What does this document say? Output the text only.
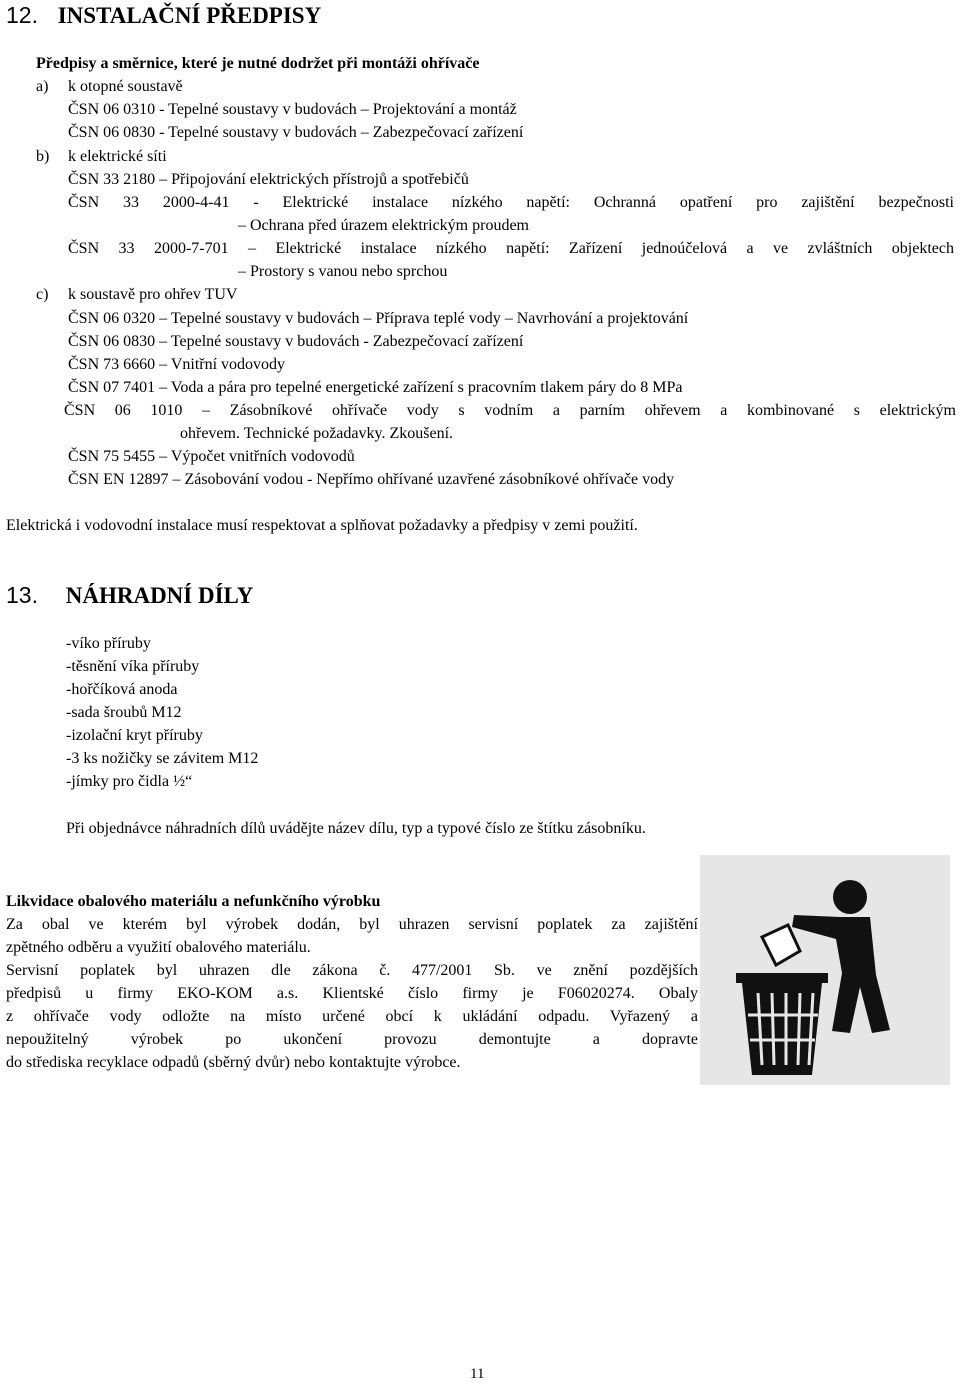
12. INSTALAČNÍ PŘEDPISY
Předpisy a směrnice, které je nutné dodržet při montáži ohřívače
a) k otopné soustavě
ČSN 06 0310 - Tepelné soustavy v budovách – Projektování a montáž
ČSN 06 0830 - Tepelné soustavy v budovách – Zabezpečovací zařízení
b) k elektrické síti
ČSN 33 2180 – Připojování elektrických přístrojů a spotřebičů
ČSN 33 2000-4-41 - Elektrické instalace nízkého napětí: Ochranná opatření pro zajištění bezpečnosti
– Ochrana před úrazem elektrickým proudem
ČSN 33 2000-7-701 – Elektrické instalace nízkého napětí: Zařízení jednoúčelová a ve zvláštních objektech
– Prostory s vanou nebo sprchou
c) k soustavě pro ohřev TUV
ČSN 06 0320 – Tepelné soustavy v budovách – Příprava teplé vody – Navrhování a projektování
ČSN 06 0830 – Tepelné soustavy v budovách - Zabezpečovací zařízení
ČSN 73 6660 – Vnitřní vodovody
ČSN 07 7401 – Voda a pára pro tepelné energetické zařízení s pracovním tlakem páry do 8 MPa
ČSN 06 1010 – Zásobníkové ohřívače vody s vodním a parním ohřevem a kombinované s elektrickým
ohřevem. Technické požadavky. Zkoušení.
ČSN 75 5455 – Výpočet vnitřních vodovodů
ČSN EN 12897 – Zásobování vodou - Nepřímo ohřívané uzavřené zásobníkové ohřívače vody
Elektrická i vodovodní instalace musí respektovat a splňovat požadavky a předpisy v zemi použití.
13. NÁHRADNÍ DÍLY
-víko příruby
-těsnění víka příruby
-hořčíková anoda
-sada šroubů M12
-izolační kryt příruby
-3 ks nožičky se závitem M12
-jímky pro čidla ½“
Při objednávce náhradních dílů uvádějte název dílu, typ a typové číslo ze štítku zásobníku.
Likvidace obalového materiálu a nefunkčního výrobku
Za obal ve kterém byl výrobek dodán, byl uhrazen servisní poplatek za zajištění
zpětného odběru a využití obalového materiálu.
Servisní poplatek byl uhrazen dle zákona č. 477/2001 Sb. ve znění pozdějších
předpisů u firmy EKO-KOM a.s. Klientské číslo firmy je F06020274. Obaly
z ohřívače vody odložte na místo určené obcí k ukládání odpadu. Vyřazený a
nepoužitelný výrobek po ukončení provozu demontujte a dopravte
do střediska recyklace odpadů (sběrný dvůr) nebo kontaktujte výrobce.
11
